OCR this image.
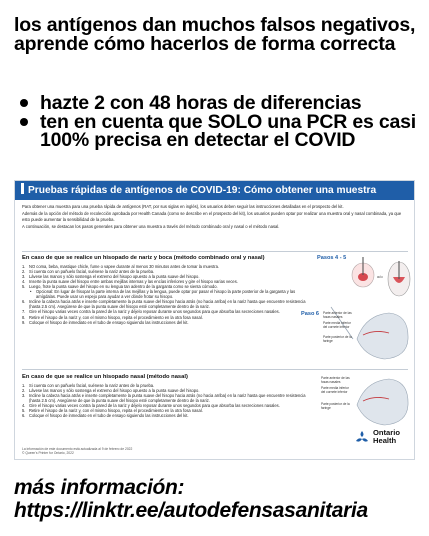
los antígenos dan muchos falsos negativos, aprende cómo hacerlos de forma correcta
hazte 2 con 48 horas de diferencias
ten en cuenta que SOLO una PCR es casi 100% precisa en detectar el COVID
Pruebas rápidas de antígenos de COVID-19: Cómo obtener una muestra

Para obtener una muestra para una prueba rápida de antígenos (RAT, por sus siglas en inglés), los usuarios deben seguir las instrucciones detalladas en el prospecto del kit.

Además de la opción del método de recolección aprobada por Health Canada (como se describe en el prospecto del kit), los usuarios pueden optar por realizar una muestra oral y nasal combinada, ya que esto puede aumentar la sensibilidad de la prueba.

A continuación, se destacan los pasos generales para obtener una muestra a través del método combinado oral y nasal o el método nasal.

En caso de que se realice un hisopado de nariz y boca (método combinado oral y nasal)
1. NO coma, beba, mastique chicle, fume o vapee durante al menos 30 minutos antes de tomar la muestra.
2. Si cuenta con un pañuelo facial, suénese la nariz antes de la prueba.
3. Lávese las manos y sólo sostenga el extremo del hisopo opuesto a la punta suave del hisopo.
4. Inserte la punta suave del hisopo entre ambas mejillas internas y las encías inferiores y gire el hisopo varias veces.
5. Luego, frote la punta suave del hisopo en su lengua tan adentro de la garganta como se sienta cómodo.
• Opcional: En lugar de frisopar la parte interna de las mejillas y la lengua, puede optar por pasar el hisopo la parte posterior de la garganta y las amígdalas. Puede usar un espejo para ayudar a ver dónde frotar su hisopo.
6. Incline la cabeza hacia atrás e inserte completamente la punta suave del hisopo hacia atrás (no hacia arriba) en la nariz hasta que encuentre resistencia (hasta 2.5 cm). Asegúrese de que la punta suave del hisopo esté completamente dentro de la nariz.
7. Gire el hisopo varias veces contra la pared de la nariz y déjelo reposar durante unos segundos para que absorba las secreciones nasales.
8. Retire el hisopo de la nariz y, con el mismo hisopo, repita el procedimiento en la otra fosa nasal.
9. Coloque el hisopo de inmediato en el tubo de ensayo siguiendo las instrucciones del kit.
Pasos 4 - 5
o/o
Paso 6 Parte anterior de las fosas nasales
Parte media inferior del cornete inferior
Parte posterior de la faringe
En caso de que se realice un hisopado nasal (método nasal)
1. Si cuenta con un pañuelo facial, suénese la nariz antes de la prueba.
2. Lávese las manos y sólo sostenga el extremo del hisopo opuesto a la punta suave del hisopo.
3. Incline la cabeza hacia atrás e inserte completamente la punta suave del hisopo hacia atrás (no hacia arriba) en la nariz hasta que encuentre resistencia (hasta 2.5 cm). Asegúrese de que la punta suave del hisopo esté completamente dentro de la nariz.
4. Gire el hisopo varias veces contra la pared de la nariz y déjelo reposar durante unos segundos para que absorba las secreciones nasales.
5. Retire el hisopo de la nariz y, con el mismo hisopo, repita el procedimiento en la otra fosa nasal.
6. Coloque el hisopo de inmediato en el tubo de ensayo siguiendo las instrucciones del kit.
Parte anterior de las fosas nasales
Parte media inferior del cornete inferior
Parte posterior de la faringe
La información de este documento está actualizada al 9 de febrero de 2022
© Queen's Printer for Ontario, 2022
Ontario
Health
más información:
https://linktr.ee/autodefensasanitaria
